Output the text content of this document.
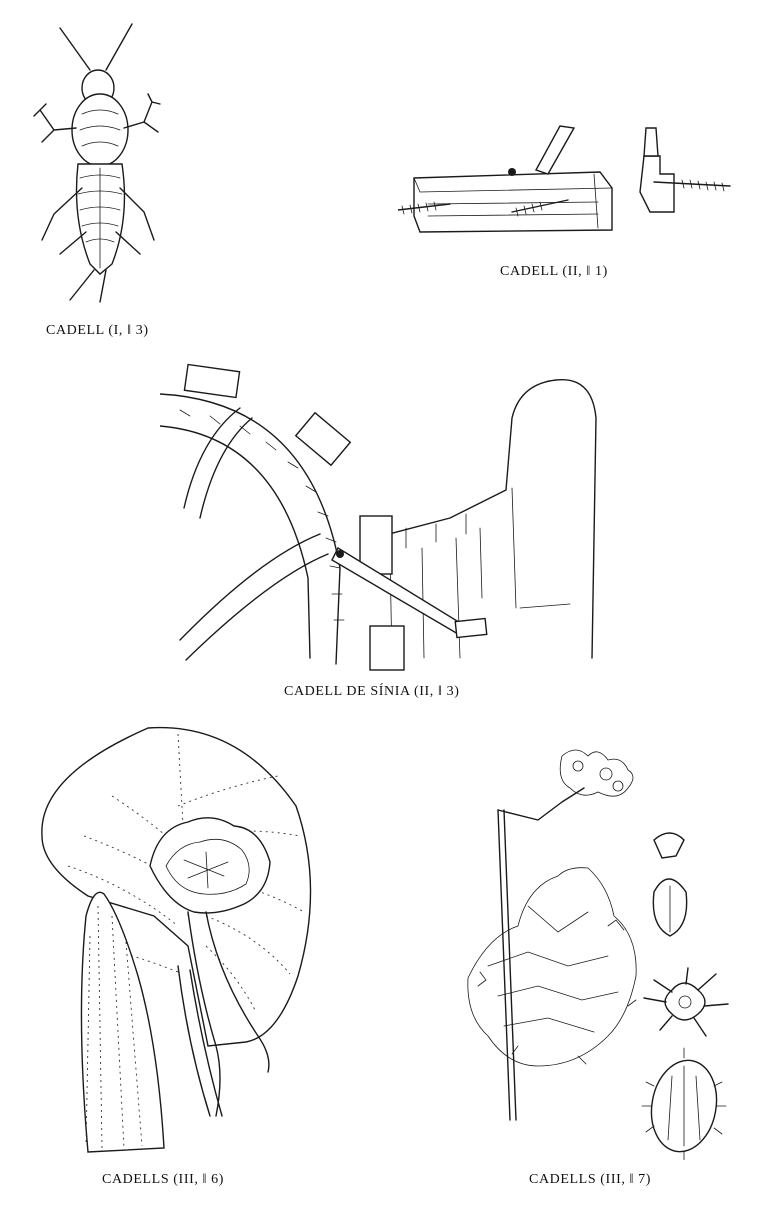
CADELL (I, ‖ 3)
CADELL (II, ‖ 1)
CADELL DE SÍNIA (II, ‖ 3)
CADELLS (III, ‖ 6)	CADELLS (III, ‖ 7)
